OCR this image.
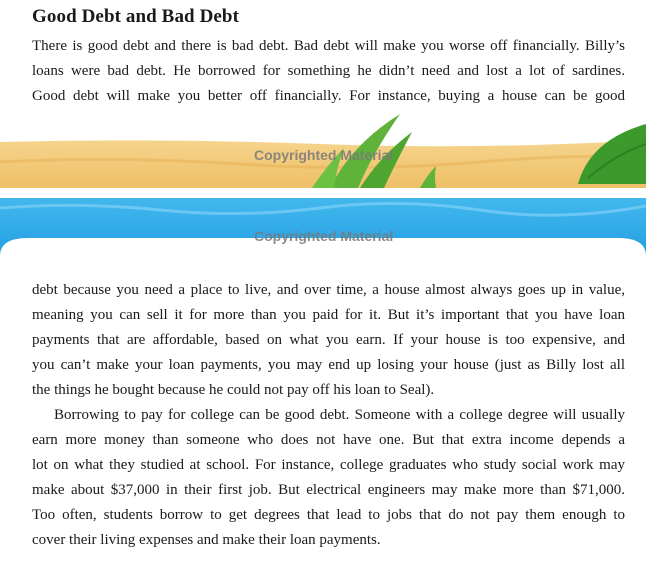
Good Debt and Bad Debt

There is good debt and there is bad debt. Bad debt will make you worse off financially. Billy’s

loans were bad debt. He borrowed for something he didn’t need and lost a lot of sardines.

Good debt will make you better off financially. For instance, buying a house can be good

Copyrighted Material
Copyrighted Material

debt because you need a place to live, and over time, a house almost always goes up in value,

meaning you can sell it for more than you paid for it. But it’s important that you have loan

payments that are affordable, based on what you earn. If your house is too expensive, and

you can’t make your loan payments, you may end up losing your house (just as Billy lost all

the things he bought because he could not pay off his loan to Seal).

Borrowing to pay for college can be good debt. Someone with a college degree will usually

earn more money than someone who does not have one. But that extra income depends a

lot on what they studied at school. For instance, college graduates who study social work may

make about $37,000 in their first job. But electrical engineers may make more than $71,000.

Too often, students borrow to get degrees that lead to jobs that do not pay them enough to

cover their living expenses and make their loan payments.
